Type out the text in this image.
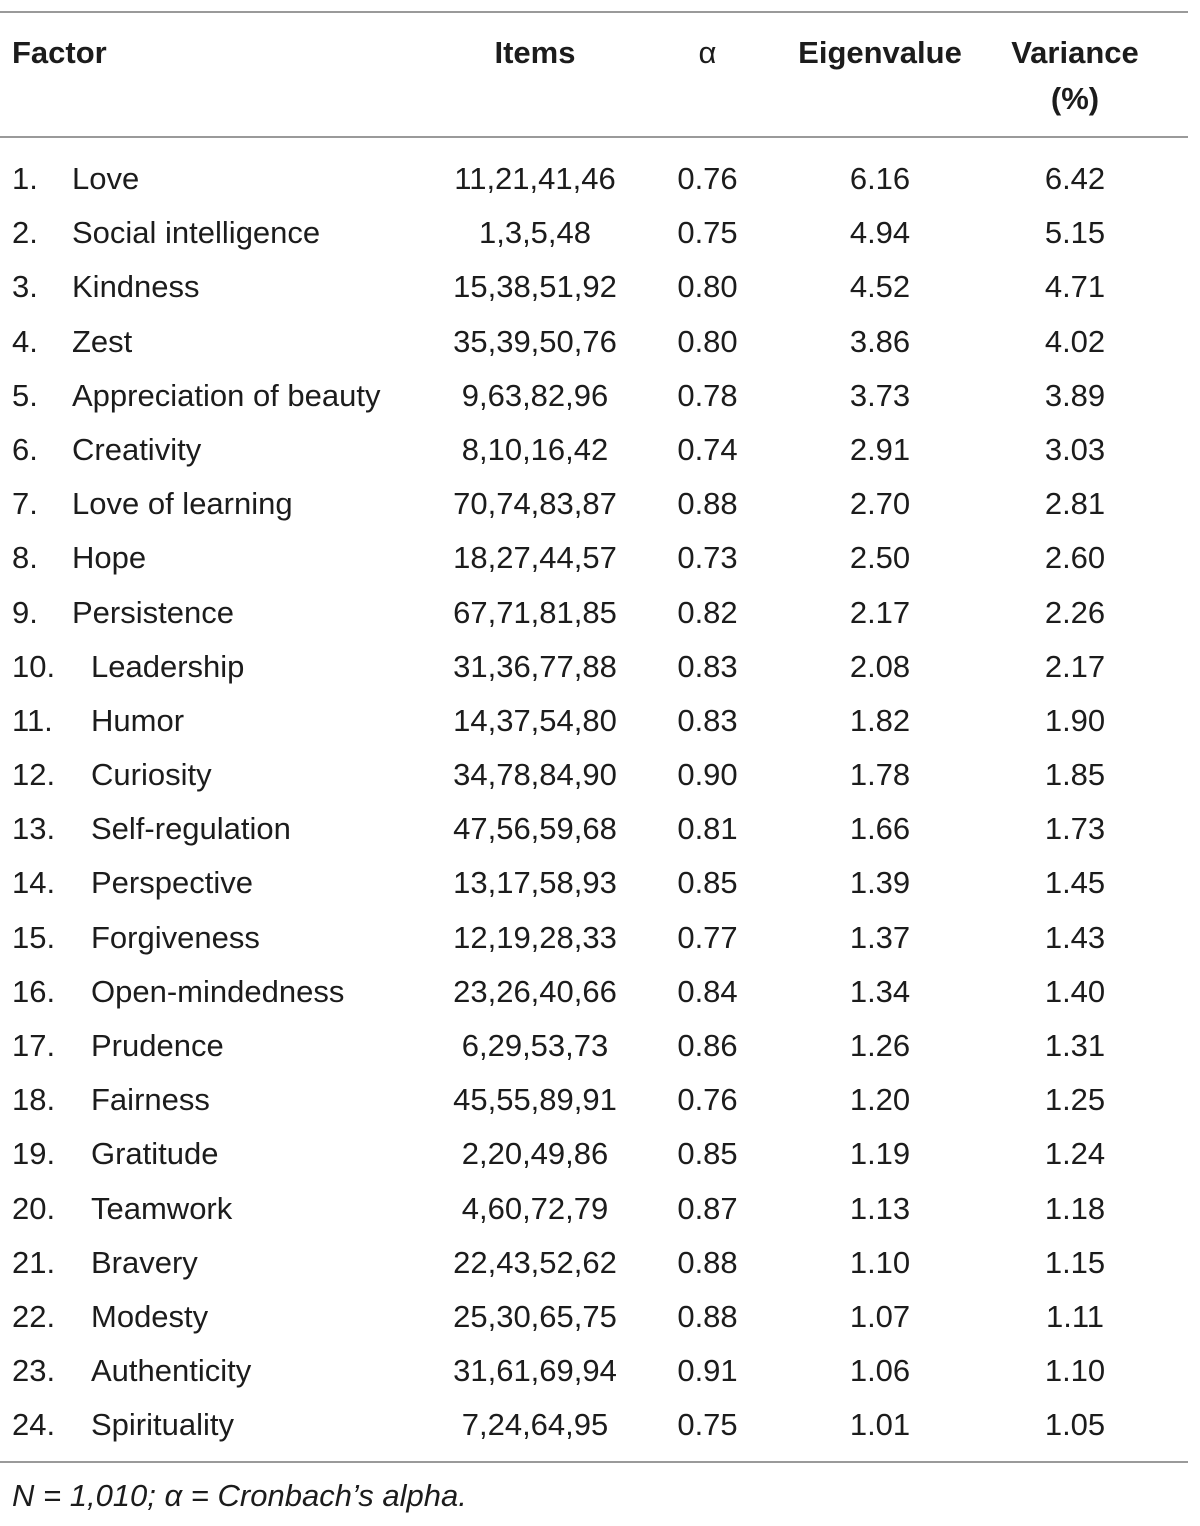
Factor	Items	α	Eigenvalue	Variance
(%)
1. Love	11,21,41,46	0.76	6.16	6.42
2. Social intelligence	1,3,5,48	0.75	4.94	5.15
3. Kindness	15,38,51,92	0.80	4.52	4.71
4. Zest	35,39,50,76	0.80	3.86	4.02
5. Appreciation of beauty	9,63,82,96	0.78	3.73	3.89
6. Creativity	8,10,16,42	0.74	2.91	3.03
7. Love of learning	70,74,83,87	0.88	2.70	2.81
8. Hope	18,27,44,57	0.73	2.50	2.60
9. Persistence	67,71,81,85	0.82	2.17	2.26
10. Leadership	31,36,77,88	0.83	2.08	2.17
11. Humor	14,37,54,80	0.83	1.82	1.90
12. Curiosity	34,78,84,90	0.90	1.78	1.85
13. Self-regulation	47,56,59,68	0.81	1.66	1.73
14. Perspective	13,17,58,93	0.85	1.39	1.45
15. Forgiveness	12,19,28,33	0.77	1.37	1.43
16. Open-mindedness	23,26,40,66	0.84	1.34	1.40
17. Prudence	6,29,53,73	0.86	1.26	1.31
18. Fairness	45,55,89,91	0.76	1.20	1.25
19. Gratitude	2,20,49,86	0.85	1.19	1.24
20. Teamwork	4,60,72,79	0.87	1.13	1.18
21. Bravery	22,43,52,62	0.88	1.10	1.15
22. Modesty	25,30,65,75	0.88	1.07	1.11
23. Authenticity	31,61,69,94	0.91	1.06	1.10
24. Spirituality	7,24,64,95	0.75	1.01	1.05
N = 1,010; α = Cronbach’s alpha.
